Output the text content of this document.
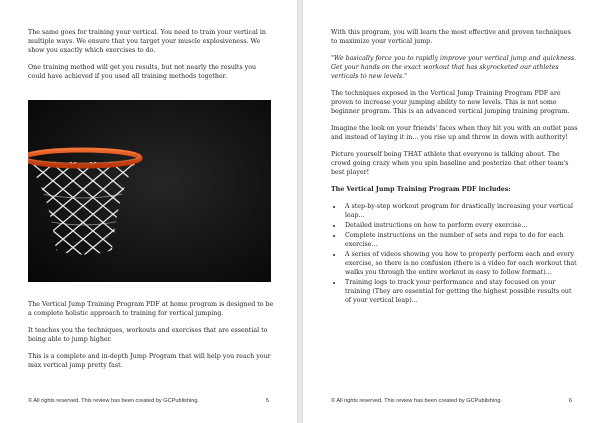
The same goes for training your vertical. You need to train your vertical in multiple ways. We ensure that you target your muscle explosiveness. We show you exactly which exercises to do.

One training method will get you results, but not nearly the results you could have achieved if you used all training methods together.

The Vertical Jump Training Program PDF at home program is designed to be a complete holistic approach to training for vertical jumping.

It teaches you the techniques, workouts and exercises that are essential to being able to jump higher.

This is a complete and in-depth Jump Program that will help you reach your max vertical jump pretty fast.

© All rights reserved. This review has been created by GCPublishing.	5

With this program, you will learn the most effective and proven techniques to maximize your vertical jump.

"We basically force you to rapidly improve your vertical jump and quickness. Get your hands on the exact workout that has skyrocketed our athletes verticals to new levels."

The techniques exposed in the Vertical Jump Training Program PDF are proven to increase your jumping ability to new levels. This is not some beginner program. This is an advanced vertical jumping training program.

Imagine the look on your friends' faces when they hit you with an outlet pass and instead of laying it in… you rise up and throw in down with authority!

Picture yourself being THAT athlete that everyone is talking about. The crowd going crazy when you spin baseline and posterize that other team's best player!

The Vertical Jump Training Program PDF includes:

• A step-by-step workout program for drastically increasing your vertical leap…
• Detailed instructions on how to perform every exercise…
• Complete instructions on the number of sets and reps to do for each exercise…
• A series of videos showing you how to properly perform each and every exercise, so there is no confusion (there is a video for each workout that walks you through the entire workout in easy to follow format)…
• Training logs to track your performance and stay focused on your training (They are essential for getting the highest possible results out of your vertical leap)…
© All rights reserved. This review has been created by GCPublishing.	6
